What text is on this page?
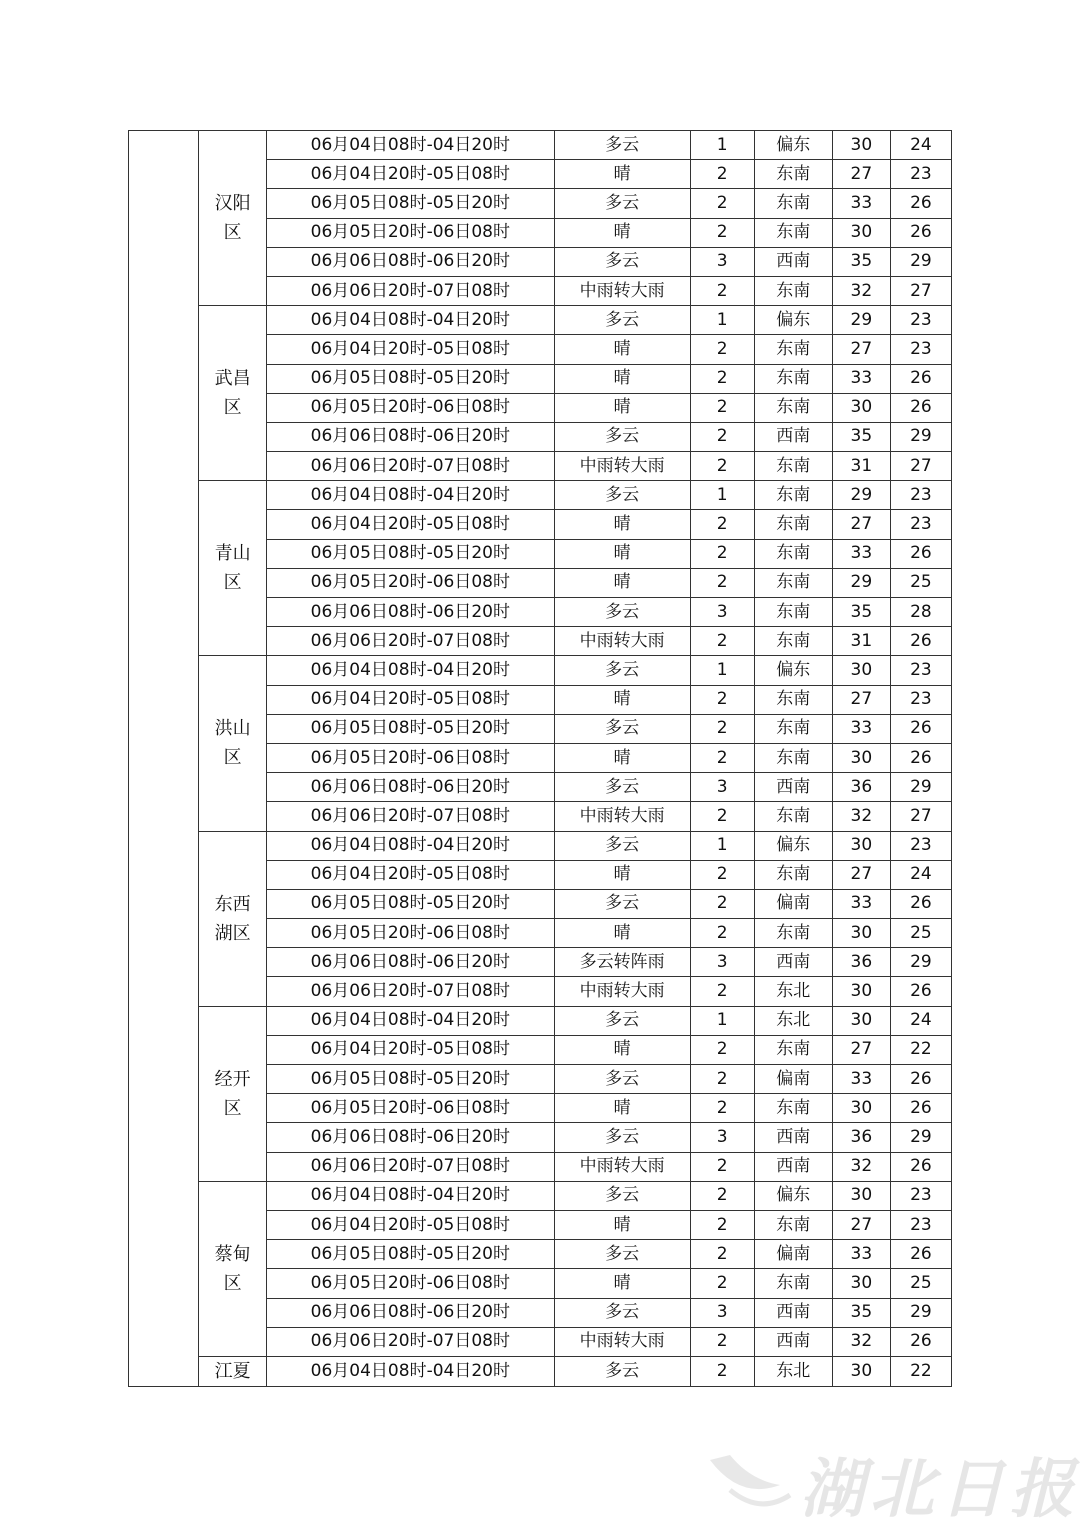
	汉阳区	06月04日08时-04日20时	多云	1	偏东	30	24
		06月04日20时-05日08时	晴	2	东南	27	23
		06月05日08时-05日20时	多云	2	东南	33	26
		06月05日20时-06日08时	晴	2	东南	30	26
		06月06日08时-06日20时	多云	3	西南	35	29
		06月06日20时-07日08时	中雨转大雨	2	东南	32	27
	武昌区	06月04日08时-04日20时	多云	1	偏东	29	23
		06月04日20时-05日08时	晴	2	东南	27	23
		06月05日08时-05日20时	晴	2	东南	33	26
		06月05日20时-06日08时	晴	2	东南	30	26
		06月06日08时-06日20时	多云	2	西南	35	29
		06月06日20时-07日08时	中雨转大雨	2	东南	31	27
	青山区	06月04日08时-04日20时	多云	1	东南	29	23
		06月04日20时-05日08时	晴	2	东南	27	23
		06月05日08时-05日20时	晴	2	东南	33	26
		06月05日20时-06日08时	晴	2	东南	29	25
		06月06日08时-06日20时	多云	3	东南	35	28
		06月06日20时-07日08时	中雨转大雨	2	东南	31	26
	洪山区	06月04日08时-04日20时	多云	1	偏东	30	23
		06月04日20时-05日08时	晴	2	东南	27	23
		06月05日08时-05日20时	多云	2	东南	33	26
		06月05日20时-06日08时	晴	2	东南	30	26
		06月06日08时-06日20时	多云	3	西南	36	29
		06月06日20时-07日08时	中雨转大雨	2	东南	32	27
	东西湖区	06月04日08时-04日20时	多云	1	偏东	30	23
		06月04日20时-05日08时	晴	2	东南	27	24
		06月05日08时-05日20时	多云	2	偏南	33	26
		06月05日20时-06日08时	晴	2	东南	30	25
		06月06日08时-06日20时	多云转阵雨	3	西南	36	29
		06月06日20时-07日08时	中雨转大雨	2	东北	30	26
	经开区	06月04日08时-04日20时	多云	1	东北	30	24
		06月04日20时-05日08时	晴	2	东南	27	22
		06月05日08时-05日20时	多云	2	偏南	33	26
		06月05日20时-06日08时	晴	2	东南	30	26
		06月06日08时-06日20时	多云	3	西南	36	29
		06月06日20时-07日08时	中雨转大雨	2	西南	32	26
	蔡甸区	06月04日08时-04日20时	多云	2	偏东	30	23
		06月04日20时-05日08时	晴	2	东南	27	23
		06月05日08时-05日20时	多云	2	偏南	33	26
		06月05日20时-06日08时	晴	2	东南	30	25
		06月06日08时-06日20时	多云	3	西南	35	29
		06月06日20时-07日08时	中雨转大雨	2	西南	32	26
	江夏	06月04日08时-04日20时	多云	2	东北	30	22
湖北日报
